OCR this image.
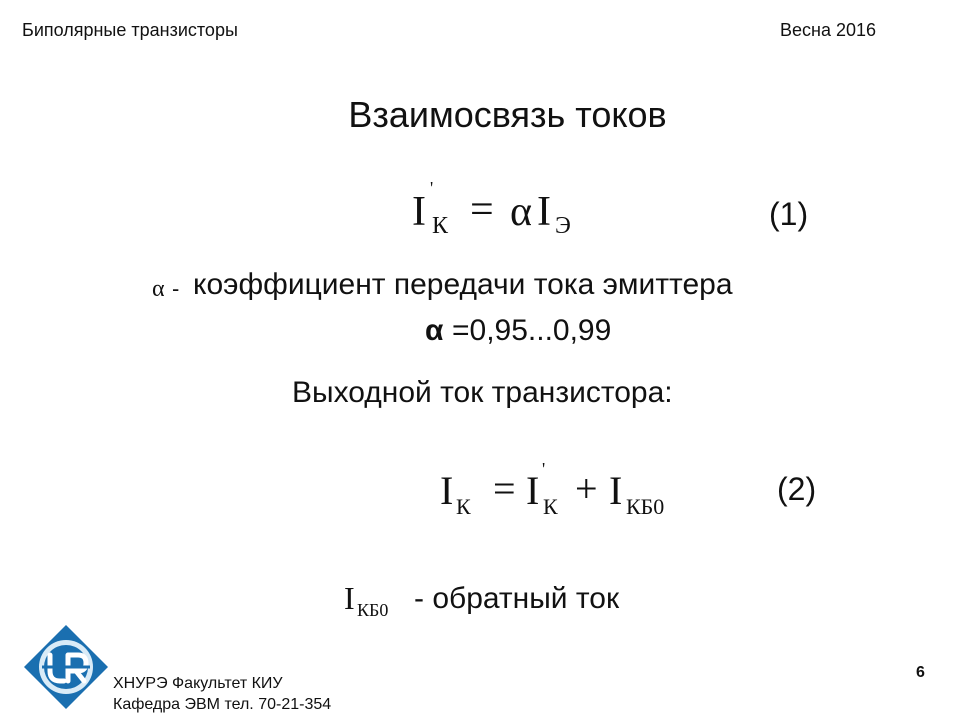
Биполярные транзисторы	Весна 2016
Взаимосвязь токов
I
'
К = α I Э	(1)
α - коэффициент передачи тока эмиттера
α =0,95...0,99
Выходной ток транзистора:
I К = I '
К + I КБ0	(2)
I КБ0 - обратный ток
ХНУРЭ Факультет КИУ
Кафедра ЭВМ тел. 70-21-354
6
